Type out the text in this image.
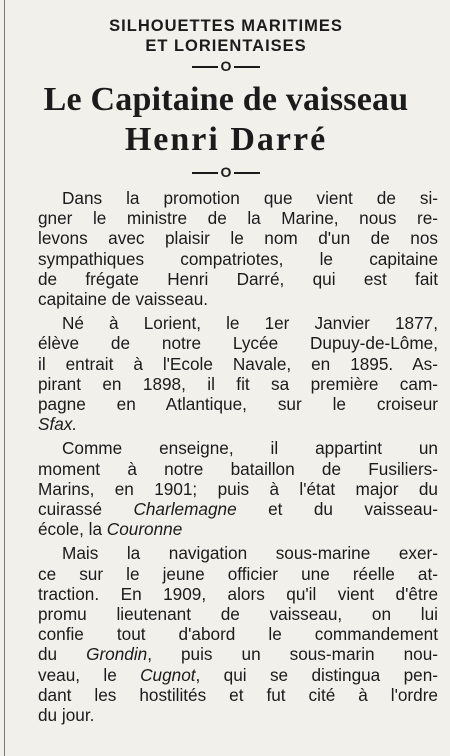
SILHOUETTES MARITIMES

ET LORIENTAISES

O
Le Capitaine de vaisseau
Henri Darré
O
Dans la promotion que vient de si-
gner le ministre de la Marine, nous re-
levons avec plaisir le nom d'un de nos
sympathiques compatriotes, le capitaine
de frégate Henri Darré, qui est fait
capitaine de vaisseau.
Né à Lorient, le 1er Janvier 1877,
élève de notre Lycée Dupuy-de-Lôme,
il entrait à l'Ecole Navale, en 1895. As-
pirant en 1898, il fit sa première cam-
pagne en Atlantique, sur le croiseur
Sfax.
Comme enseigne, il appartint un
moment à notre bataillon de Fusiliers-
Marins, en 1901; puis à l'état major du
cuirassé Charlemagne et du vaisseau-
école, la Couronne
Mais la navigation sous-marine exer-
ce sur le jeune officier une réelle at-
traction. En 1909, alors qu'il vient d'être
promu lieutenant de vaisseau, on lui
confie tout d'abord le commandement
du Grondin, puis un sous-marin nou-
veau, le Cugnot, qui se distingua pen-
dant les hostilités et fut cité à l'ordre
du jour.
